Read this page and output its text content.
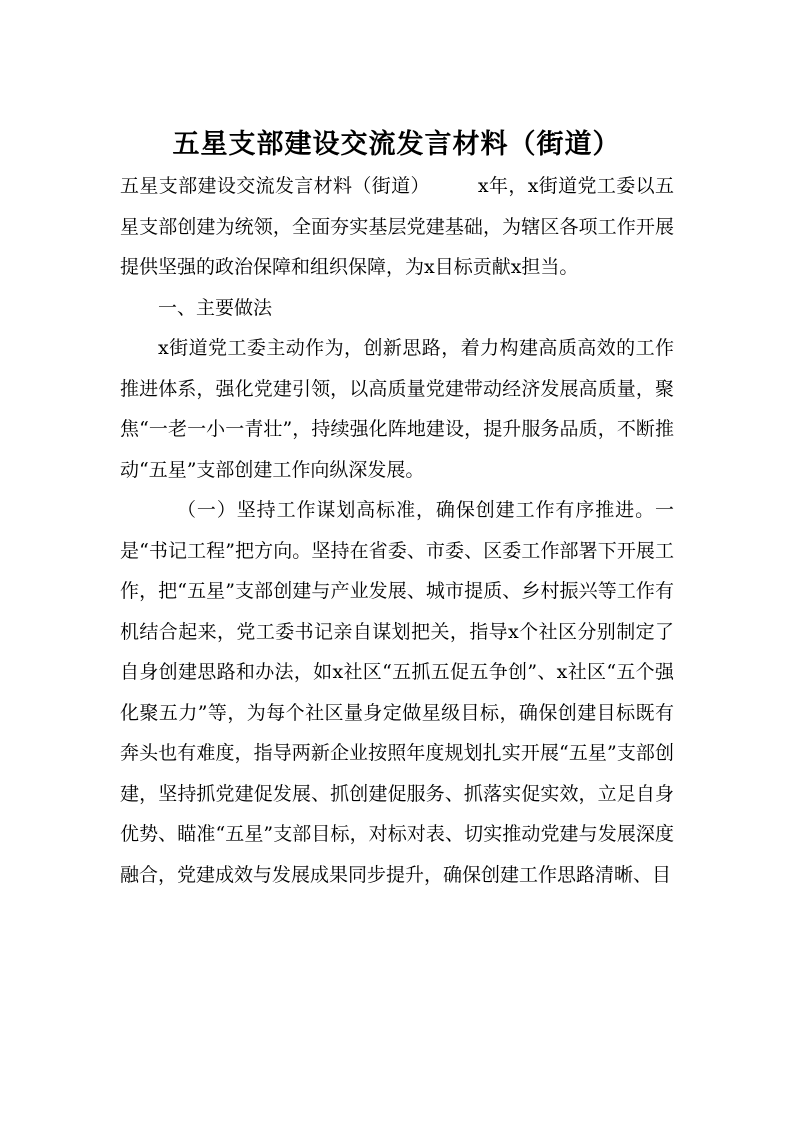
五星支部建设交流发言材料（街道）

五星支部建设交流发言材料（街道）	x年，x街道党工委以五星支部创建为统领，全面夯实基层党建基础，为辖区各项工作开展提供坚强的政治保障和组织保障，为x目标贡献x担当。

一、主要做法

x街道党工委主动作为，创新思路，着力构建高质高效的工作推进体系，强化党建引领，以高质量党建带动经济发展高质量，聚焦“一老一小一青壮”，持续强化阵地建设，提升服务品质，不断推动“五星”支部创建工作向纵深发展。

（一）坚持工作谋划高标准，确保创建工作有序推进。一是“书记工程”把方向。坚持在省委、市委、区委工作部署下开展工作，把“五星”支部创建与产业发展、城市提质、乡村振兴等工作有机结合起来，党工委书记亲自谋划把关，指导x个社区分别制定了自身创建思路和办法，如x社区“五抓五促五争创”、x社区“五个强化聚五力”等，为每个社区量身定做星级目标，确保创建目标既有奔头也有难度，指导两新企业按照年度规划扎实开展“五星”支部创建，坚持抓党建促发展、抓创建促服务、抓落实促实效，立足自身优势、瞄准“五星”支部目标，对标对表、切实推动党建与发展深度融合，党建成效与发展成果同步提升，确保创建工作思路清晰、目
